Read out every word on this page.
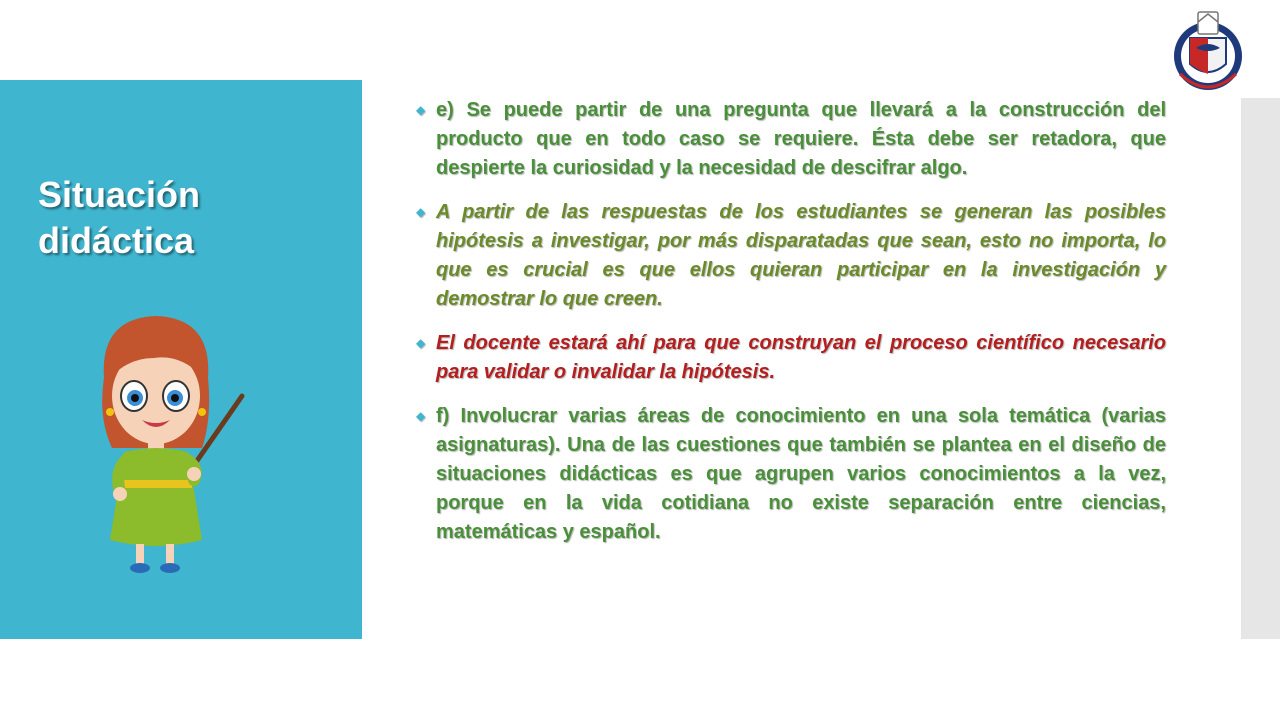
Situación didáctica
◆ e) Se puede partir de una pregunta que llevará a la construcción del producto que en todo caso se requiere. Ésta debe ser retadora, que despierte la curiosidad y la necesidad de descifrar algo.
◆ A partir de las respuestas de los estudiantes se generan las posibles hipótesis a investigar, por más disparatadas que sean, esto no importa, lo que es crucial es que ellos quieran participar en la investigación y demostrar lo que creen.
◆ El docente estará ahí para que construyan el proceso científico necesario para validar o invalidar la hipótesis.
◆ f) Involucrar varias áreas de conocimiento en una sola temática (varias asignaturas). Una de las cuestiones que también se plantea en el diseño de situaciones didácticas es que agrupen varios conocimientos a la vez, porque en la vida cotidiana no existe separación entre ciencias, matemáticas y español.
